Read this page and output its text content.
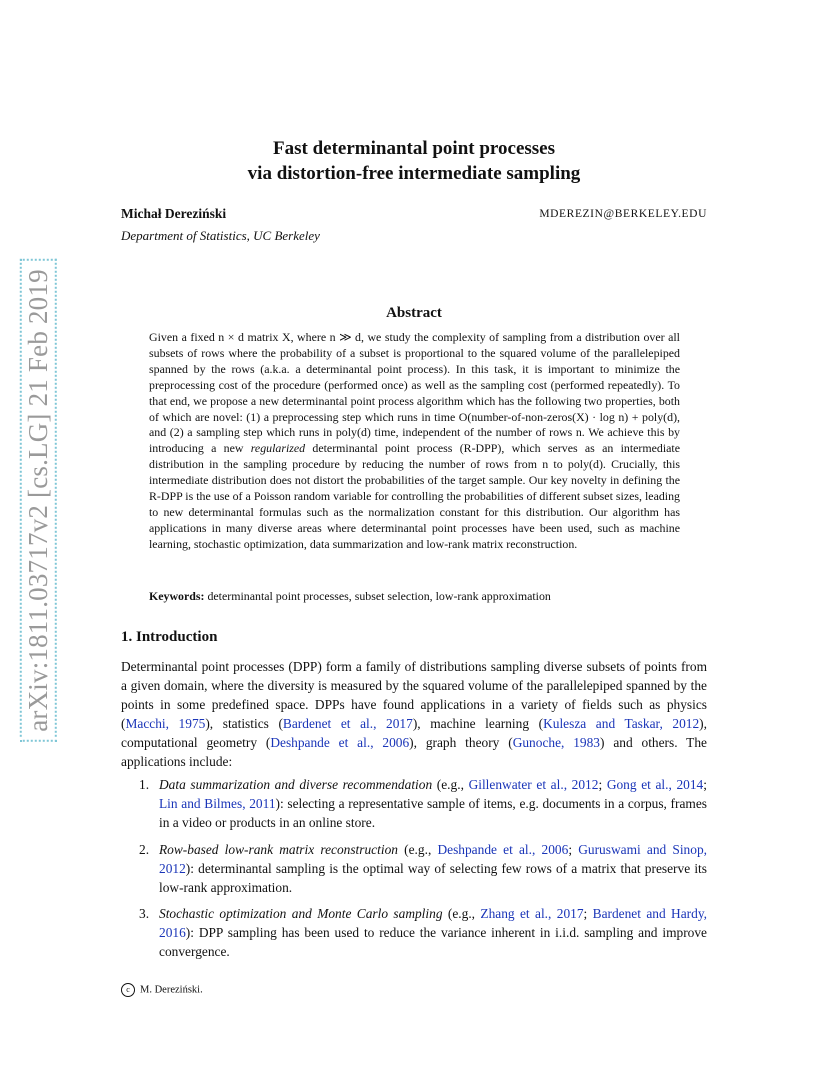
arXiv:1811.03717v2 [cs.LG] 21 Feb 2019
Fast determinantal point processes
via distortion-free intermediate sampling
Michał Dereziński	MDEREZIN@BERKELEY.EDU
Department of Statistics, UC Berkeley
Abstract

Given a fixed n × d matrix X, where n ≫ d, we study the complexity of sampling from a distribution over all subsets of rows where the probability of a subset is proportional to the squared volume of the parallelepiped spanned by the rows (a.k.a. a determinantal point process). In this task, it is important to minimize the preprocessing cost of the procedure (performed once) as well as the sampling cost (performed repeatedly). To that end, we propose a new determinantal point process algorithm which has the following two properties, both of which are novel: (1) a preprocessing step which runs in time O(number-of-non-zeros(X) · log n) + poly(d), and (2) a sampling step which runs in poly(d) time, independent of the number of rows n. We achieve this by introducing a new regularized determinantal point process (R-DPP), which serves as an intermediate distribution in the sampling procedure by reducing the number of rows from n to poly(d). Crucially, this intermediate distribution does not distort the probabilities of the target sample. Our key novelty in defining the R-DPP is the use of a Poisson random variable for controlling the probabilities of different subset sizes, leading to new determinantal formulas such as the normalization constant for this distribution. Our algorithm has applications in many diverse areas where determinantal point processes have been used, such as machine learning, stochastic optimization, data summarization and low-rank matrix reconstruction.

Keywords: determinantal point processes, subset selection, low-rank approximation
1. Introduction

Determinantal point processes (DPP) form a family of distributions sampling diverse subsets of points from a given domain, where the diversity is measured by the squared volume of the parallelepiped spanned by the points in some predefined space. DPPs have found applications in a variety of fields such as physics (Macchi, 1975), statistics (Bardenet et al., 2017), machine learning (Kulesza and Taskar, 2012), computational geometry (Deshpande et al., 2006), graph theory (Gunoche, 1983) and others. The applications include:

1. Data summarization and diverse recommendation (e.g., Gillenwater et al., 2012; Gong et al., 2014; Lin and Bilmes, 2011): selecting a representative sample of items, e.g. documents in a corpus, frames in a video or products in an online store.
2. Row-based low-rank matrix reconstruction (e.g., Deshpande et al., 2006; Guruswami and Sinop, 2012): determinantal sampling is the optimal way of selecting few rows of a matrix that preserve its low-rank approximation.
3. Stochastic optimization and Monte Carlo sampling (e.g., Zhang et al., 2017; Bardenet and Hardy, 2016): DPP sampling has been used to reduce the variance inherent in i.i.d. sampling and improve convergence.
c M. Dereziński.
